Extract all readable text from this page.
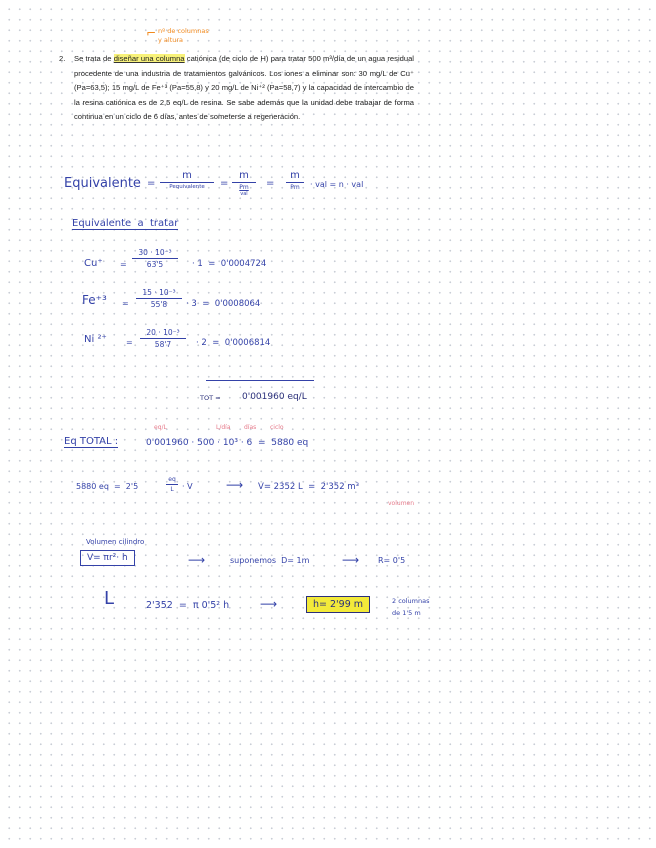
⌐ nº de columnas
y altura
2. Se trata de diseñar una columna catiónica (de ciclo de H) para tratar 500 m³/día de un agua residual procedente de una industria de tratamientos galvánicos. Los iones a eliminar son: 30 mg/L de Cu⁺ (Pa=63,5); 15 mg/L de Fe⁺³ (Pa=55,8) y 20 mg/L de Ni⁺² (Pa=58,7) y la capacidad de intercambio de la resina catiónica es de 2,5 eq/L de resina. Se sabe además que la unidad debe trabajar de forma continua en un ciclo de 6 días, antes de someterse a regeneración.
Equivalente =
m
Pequivalente	=
m
Pm
val
=
m
Pm	· val = n · val
Equivalente  a  tratar
Cu⁺ =
30 · 10⁻³
63'5	· 1  =  0'0004724
Fe⁺³ =
15 · 10⁻³
55'8	· 3  =  0'0008064
Ni ²⁺ =
20 · 10⁻³
58'7	· 2  =  0'0006814
TOT = 0'001960 eq/L
eq/L	L/día días ciclo
Eq TOTAL :	0'001960 · 500 · 10³ · 6  =  5880 eq
5880 eq  =  2'5
eq
L	· V	⟶ V= 2352 L  =  2'352 m³
volumen
Volumen cilindro
V= πr²· h	⟶	suponemos  D= 1m	⟶ R= 0'5
L	2'352  =  π 0'5² h	⟶	h= 2'99 m	2 columnas
de 1'5 m
